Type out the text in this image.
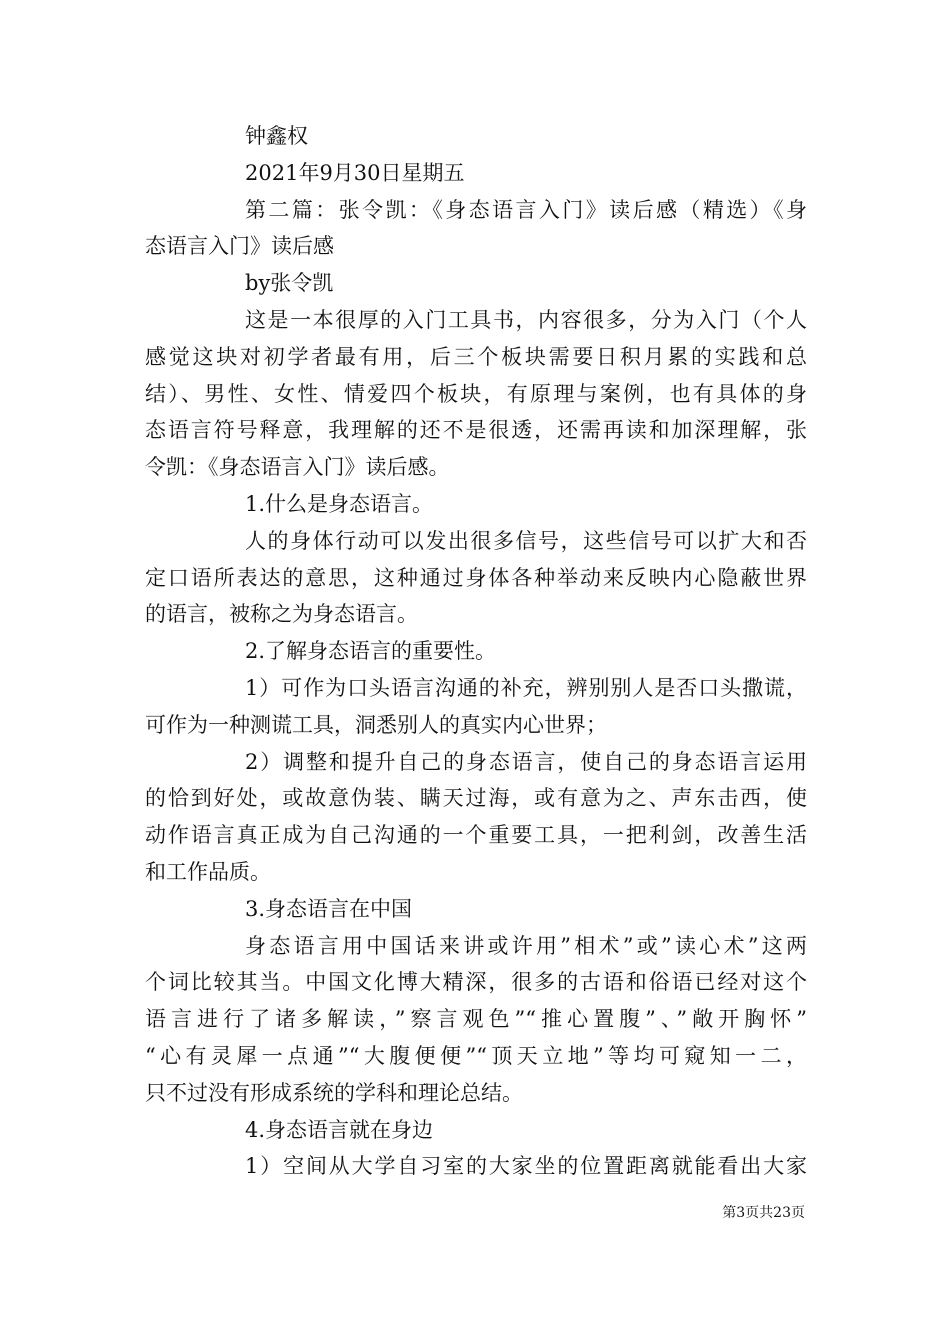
钟鑫权
2021年9月30日星期五
第二篇：张令凯：《身态语言入门》读后感（精选）《身
态语言入门》读后感
by张令凯
这是一本很厚的入门工具书，内容很多，分为入门（个人
感觉这块对初学者最有用，后三个板块需要日积月累的实践和总
结）、男性、女性、情爱四个板块，有原理与案例，也有具体的身
态语言符号释意，我理解的还不是很透，还需再读和加深理解，张
令凯：《身态语言入门》读后感。
1.什么是身态语言。
人的身体行动可以发出很多信号，这些信号可以扩大和否
定口语所表达的意思，这种通过身体各种举动来反映内心隐蔽世界
的语言，被称之为身态语言。
2.了解身态语言的重要性。
1）可作为口头语言沟通的补充，辨别别人是否口头撒谎，
可作为一种测谎工具，洞悉别人的真实内心世界；
2）调整和提升自己的身态语言，使自己的身态语言运用
的恰到好处，或故意伪装、瞒天过海，或有意为之、声东击西，使
动作语言真正成为自己沟通的一个重要工具，一把利剑，改善生活
和工作品质。
3.身态语言在中国
身态语言用中国话来讲或许用”相术”或”读心术”这两
个词比较其当。中国文化博大精深，很多的古语和俗语已经对这个
语言进行了诸多解读，”察言观色”“推心置腹”、”敞开胸怀”
“心有灵犀一点通”“大腹便便”“顶天立地”等均可窥知一二，
只不过没有形成系统的学科和理论总结。
4.身态语言就在身边
1）空间从大学自习室的大家坐的位置距离就能看出大家
第3页共23页
